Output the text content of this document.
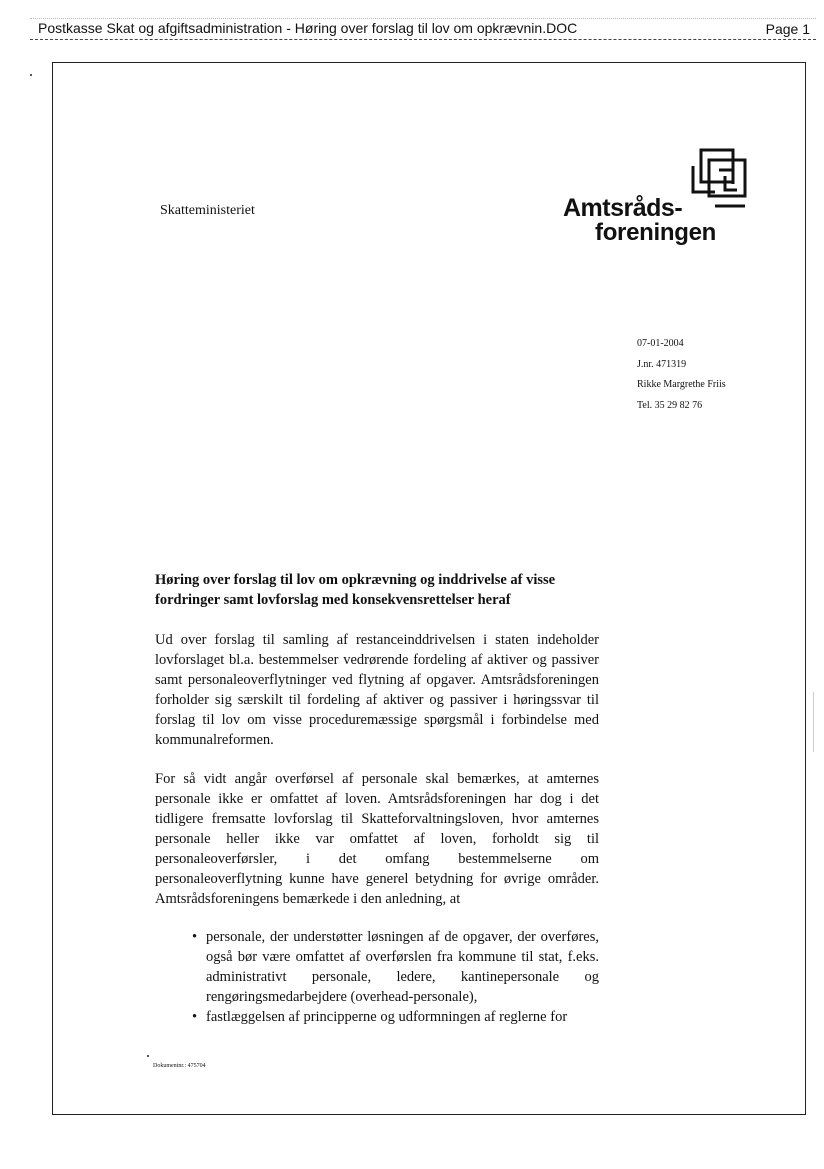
Postkasse Skat og afgiftsadministration - Høring over forslag til lov om opkrævnin.DOC	Page 1
Skatteministeriet	Amtsråds-
foreningen
07-01-2004
J.nr. 471319
Rikke Margrethe Friis
Tel. 35 29 82 76
Høring over forslag til lov om opkrævning og inddrivelse af visse fordringer samt lovforslag med konsekvensrettelser heraf
Ud over forslag til samling af restanceinddrivelsen i staten indeholder lovforslaget bl.a. bestemmelser vedrørende fordeling af aktiver og passiver samt personaleoverflytninger ved flytning af opgaver. Amtsrådsforeningen forholder sig særskilt til fordeling af aktiver og passiver i høringssvar til forslag til lov om visse proceduremæssige spørgsmål i forbindelse med kommunalreformen.
For så vidt angår overførsel af personale skal bemærkes, at amternes personale ikke er omfattet af loven. Amtsrådsforeningen har dog i det tidligere fremsatte lovforslag til Skatteforvaltningsloven, hvor amternes personale heller ikke var omfattet af loven, forholdt sig til personaleoverførsler, i det omfang bestemmelserne om personaleoverflytning kunne have generel betydning for øvrige områder. Amtsrådsforeningens bemærkede i den anledning, at
• personale, der understøtter løsningen af de opgaver, der overføres, også bør være omfattet af overførslen fra kommune til stat, f.eks. administrativt personale, ledere, kantinepersonale og rengøringsmedarbejdere (overhead-personale),
• fastlæggelsen af principperne og udformningen af reglerne for
Dokumentnr.: 475704
